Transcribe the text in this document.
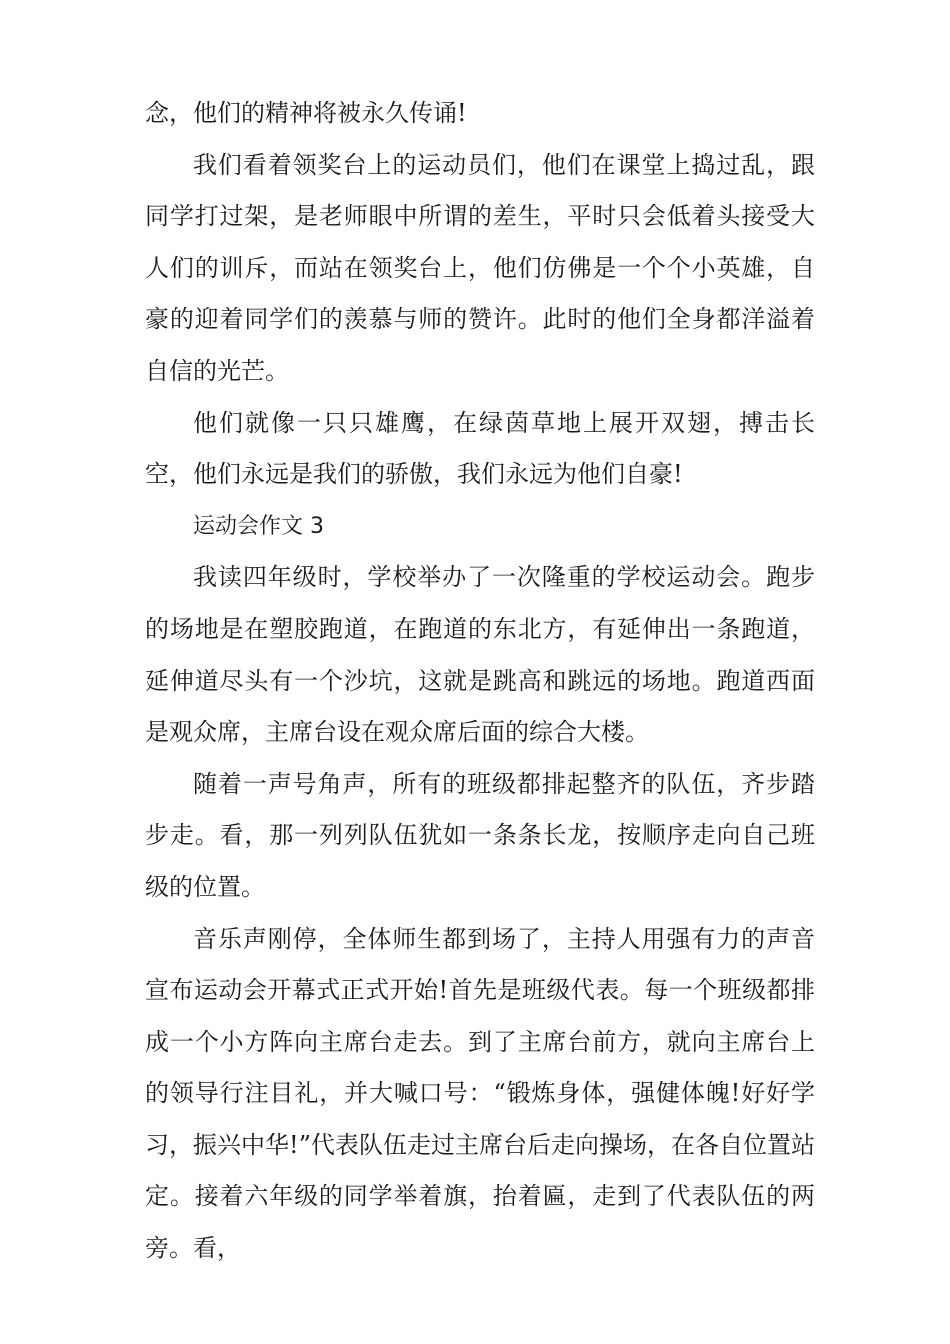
念，他们的精神将被永久传诵!

我们看着领奖台上的运动员们，他们在课堂上捣过乱，跟同学打过架，是老师眼中所谓的差生，平时只会低着头接受大人们的训斥，而站在领奖台上，他们仿佛是一个个小英雄，自豪的迎着同学们的羡慕与师的赞许。此时的他们全身都洋溢着自信的光芒。

他们就像一只只雄鹰，在绿茵草地上展开双翅，搏击长空，他们永远是我们的骄傲，我们永远为他们自豪!

运动会作文 3

我读四年级时，学校举办了一次隆重的学校运动会。跑步的场地是在塑胶跑道，在跑道的东北方，有延伸出一条跑道，延伸道尽头有一个沙坑，这就是跳高和跳远的场地。跑道西面是观众席，主席台设在观众席后面的综合大楼。

随着一声号角声，所有的班级都排起整齐的队伍，齐步踏步走。看，那一列列队伍犹如一条条长龙，按顺序走向自己班级的位置。

音乐声刚停，全体师生都到场了，主持人用强有力的声音宣布运动会开幕式正式开始!首先是班级代表。每一个班级都排成一个小方阵向主席台走去。到了主席台前方，就向主席台上的领导行注目礼，并大喊口号：“锻炼身体，强健体魄!好好学习，振兴中华!”代表队伍走过主席台后走向操场，在各自位置站定。接着六年级的同学举着旗，抬着匾，走到了代表队伍的两旁。看，
